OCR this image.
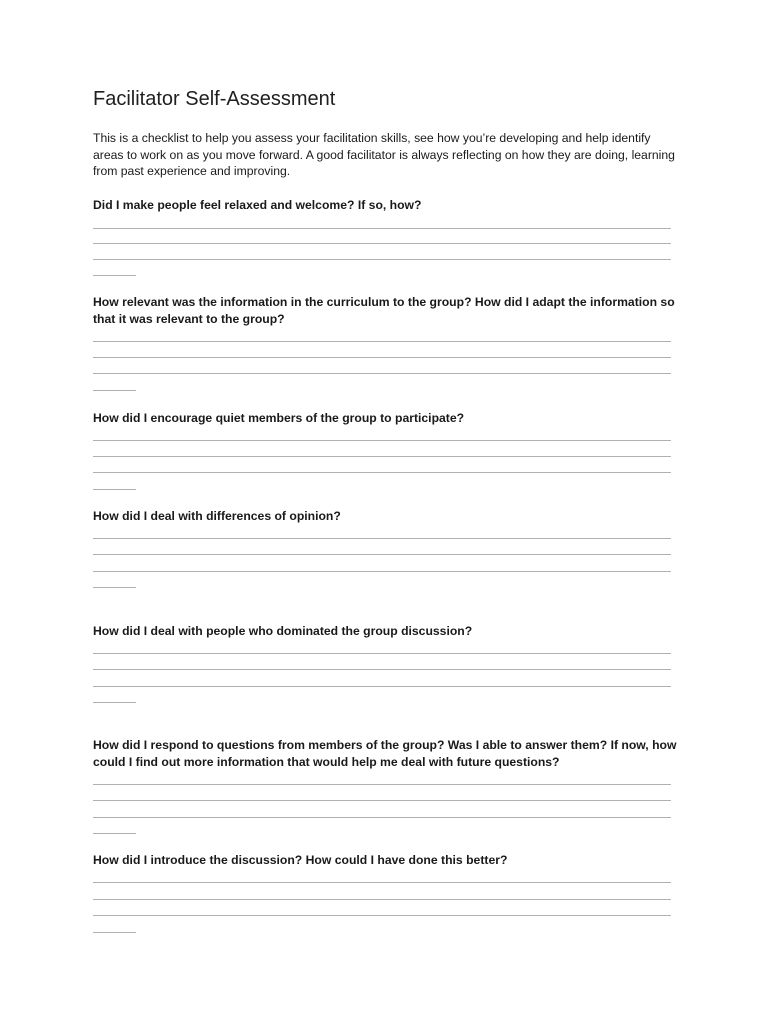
Facilitator Self-Assessment

This is a checklist to help you assess your facilitation skills, see how you’re developing and help identify areas to work on as you move forward. A good facilitator is always reflecting on how they are doing, learning from past experience and improving.

Did I make people feel relaxed and welcome? If so, how?
How relevant was the information in the curriculum to the group? How did I adapt the information so that it was relevant to the group?
How did I encourage quiet members of the group to participate?
How did I deal with differences of opinion?
How did I deal with people who dominated the group discussion?
How did I respond to questions from members of the group? Was I able to answer them? If now, how could I find out more information that would help me deal with future questions?
How did I introduce the discussion? How could I have done this better?
